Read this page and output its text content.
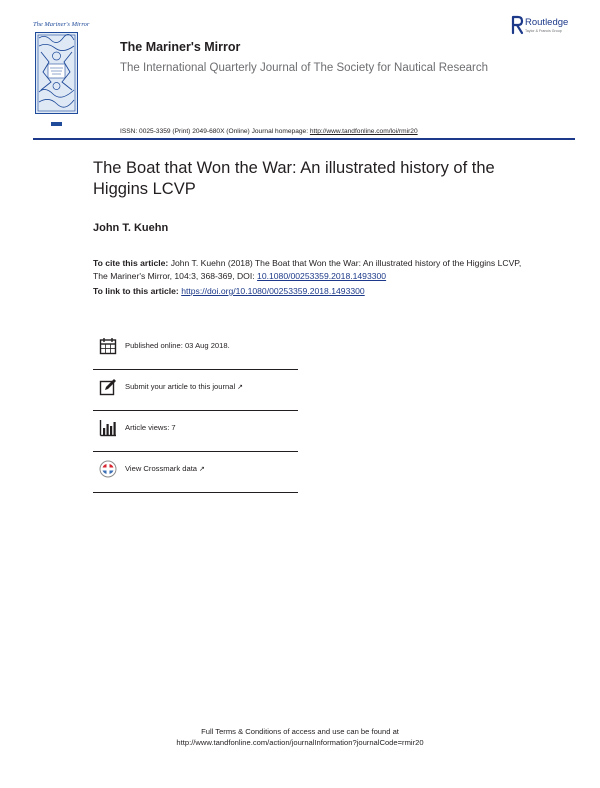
The Mariner's Mirror
The Mariner's Mirror
The International Quarterly Journal of The Society for Nautical Research
Routledge
Taylor & Francis Group
ISSN: 0025-3359 (Print) 2049-680X (Online) Journal homepage: http://www.tandfonline.com/loi/rmir20
The Boat that Won the War: An illustrated history of the Higgins LCVP
John T. Kuehn
To cite this article: John T. Kuehn (2018) The Boat that Won the War: An illustrated history of the Higgins LCVP, The Mariner's Mirror, 104:3, 368-369, DOI: 10.1080/00253359.2018.1493300
To link to this article: https://doi.org/10.1080/00253359.2018.1493300
Published online: 03 Aug 2018.
Submit your article to this journal ↗
Article views: 7
View Crossmark data ↗
Full Terms & Conditions of access and use can be found at
http://www.tandfonline.com/action/journalInformation?journalCode=rmir20
